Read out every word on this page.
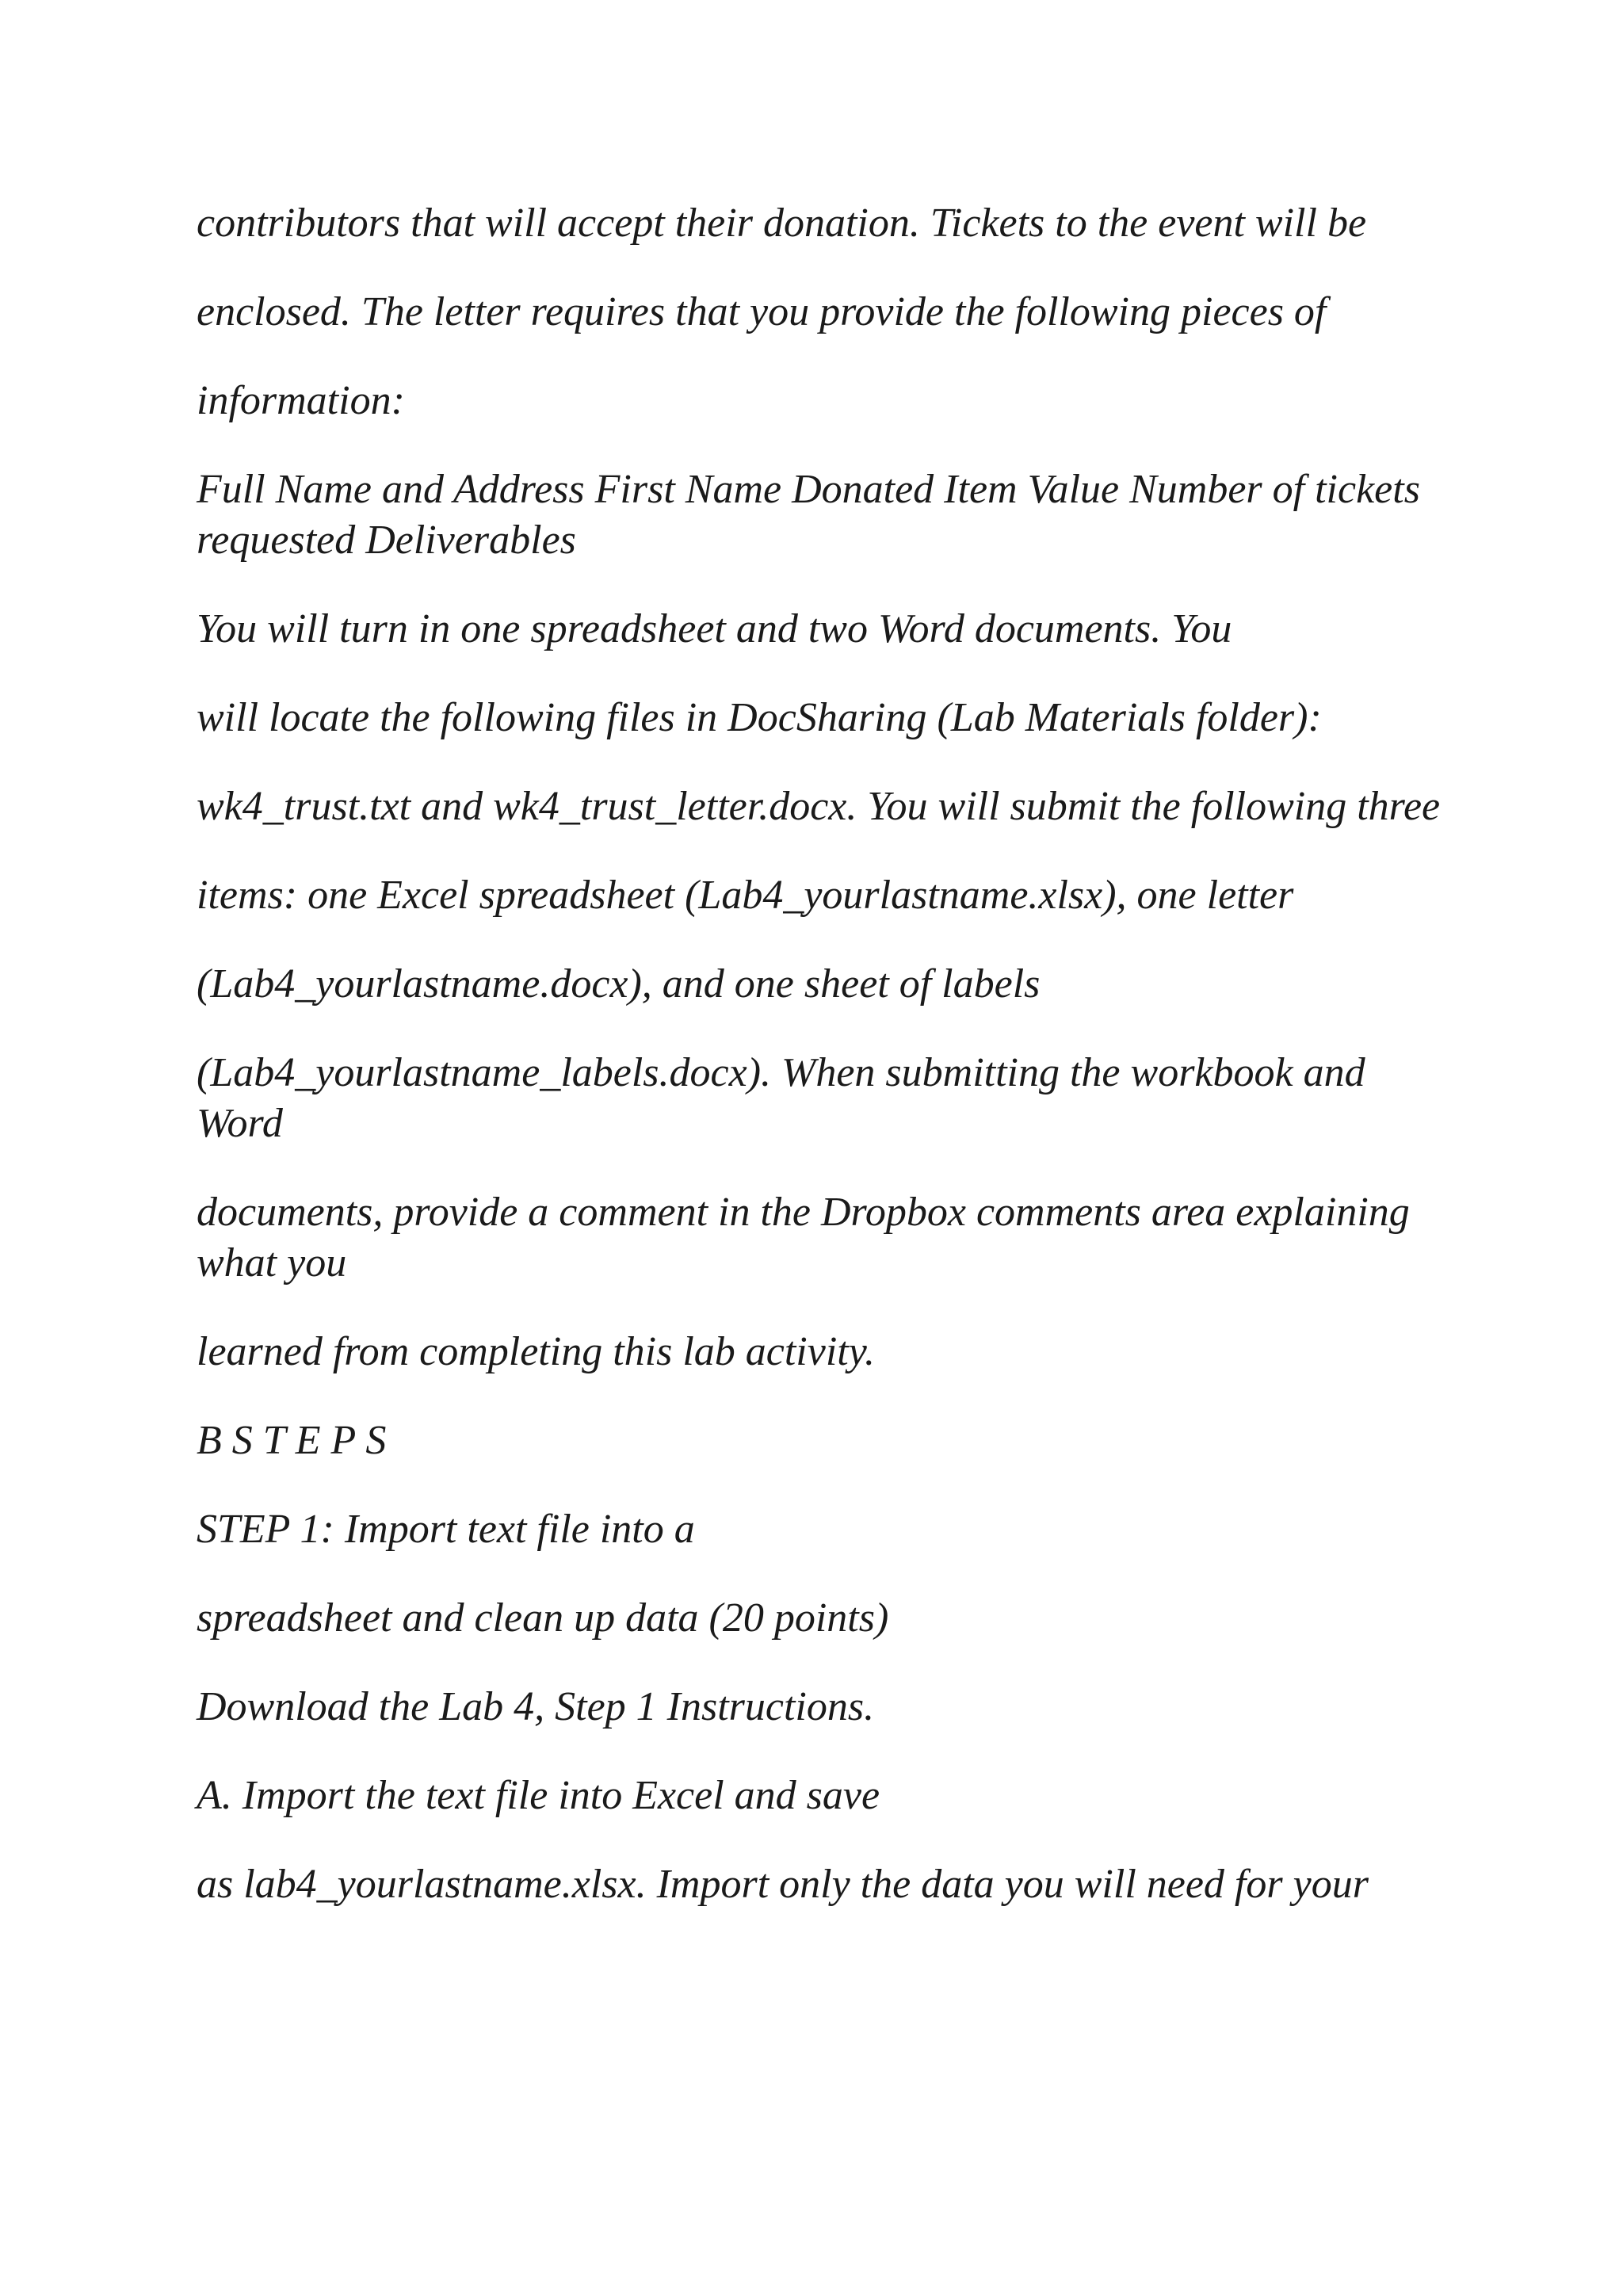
contributors that will accept their donation. Tickets to the event will be

enclosed. The letter requires that you provide the following pieces of

information:

Full Name and Address First Name Donated Item Value Number of tickets requested Deliverables

You will turn in one spreadsheet and two Word documents. You

will locate the following files in DocSharing (Lab Materials folder):

wk4_trust.txt and wk4_trust_letter.docx. You will submit the following three

items: one Excel spreadsheet (Lab4_yourlastname.xlsx), one letter

(Lab4_yourlastname.docx), and one sheet of labels

(Lab4_yourlastname_labels.docx). When submitting the workbook and Word

documents, provide a comment in the Dropbox comments area explaining what you

learned from completing this lab activity.

B S T E P S

STEP 1: Import text file into a

spreadsheet and clean up data (20 points)

Download the Lab 4, Step 1 Instructions.

A. Import the text file into Excel and save

as lab4_yourlastname.xlsx. Import only the data you will need for your
